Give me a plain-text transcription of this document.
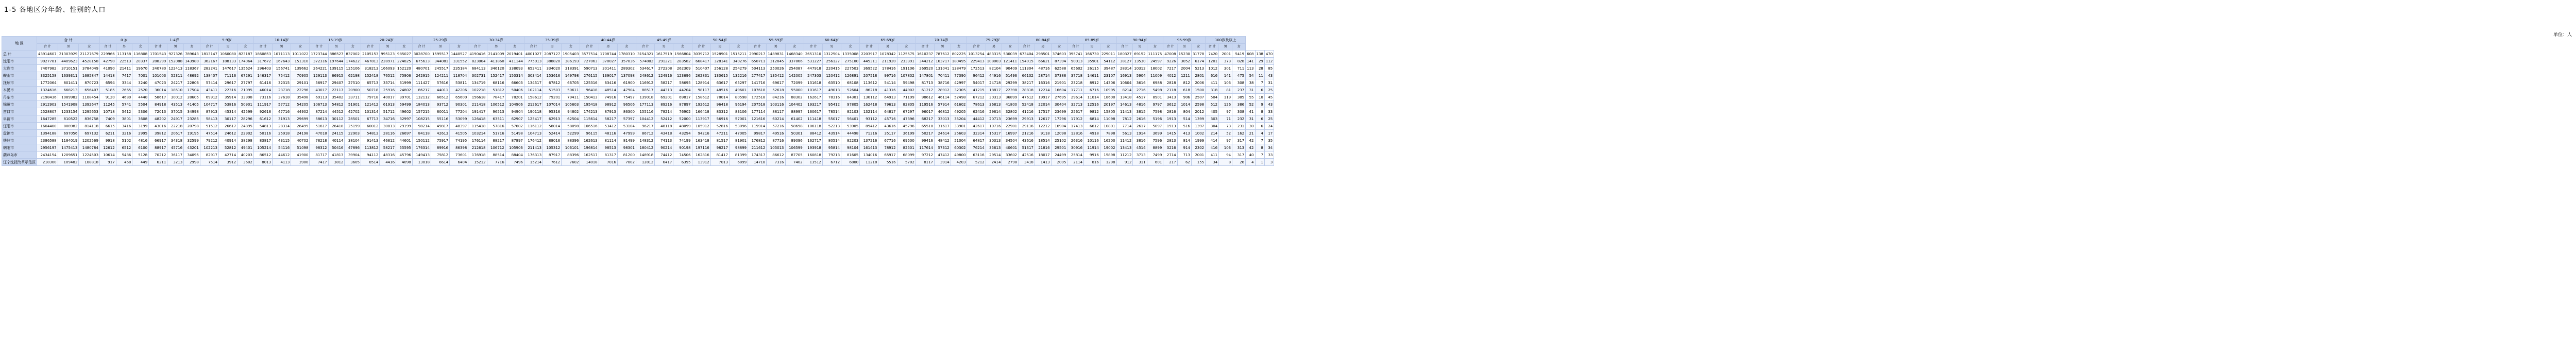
1-5 各地区分年龄、性别的人口
单位：人
地 区	合 计	0 岁	1-4岁	5-9岁	10-14岁	15-19岁	20-24岁	25-29岁	30-34岁	35-39岁	40-44岁	45-49岁	50-54岁	55-59岁	60-64岁	65-69岁	70-74岁	75-79岁	80-84岁	85-89岁	90-94岁	95-99岁	100岁及以上
合 计	男	女	合 计	男	女	合 计	男	女	合 计	男	女	合 计	男	女	合 计	男	女	合 计	男	女	合 计	男	女	合 计	男	女	合 计	男	女	合 计	男	女	合 计	男	女	合 计	男	女	合 计	男	女	合 计	男	女	合 计	男	女	合 计	男	女	合 计	男	女	合 计	男	女	合 计	男	女	合 计	男	女	合 计	男	女	合 计	男	女
总 计	43914607	21303929	21127679	229966	113158	116808	1701543	927326	789643	1813147	1060080	823187	1860853	1071113	1011022	1723744	886527	837002	2105153	995123	985027	3028700	1595517	1440527	4190416	2141009	2019401	4001027	2087127	1905403	3577514	1708744	1780310	3154321	1617519	1566804	3039712	1528901	1515211	2990217	1489831	1468340	2651310	1312504	1335008	2203917	1078342	1125575	1610237	787612	802225	1013254	483315	530039	673404	298501	374603	395741	166730	229011	180327	69152	111175	47008	15230	31778	7420	2001	5419	608	138	470
沈阳市	9027781	4409623	4528158	42790	22513	20337	288299	152088	143980	362167	188133	174064	317672	167643	151310	372316	197644	174622	467813	228971	224825	675633	344081	331552	823004	411860	411144	775013	388820	386193	727063	370027	357036	574802	291221	283582	668417	328141	340276	650711	312845	337866	531227	256127	275100	445311	211920	233391	344212	163717	180495	229413	108003	121411	154015	66621	87394	90013	35901	54112	38127	13530	24597	9226	3052	6174	1201	373	828	141	29	112
大连市	7407982	3710151	3784049	41090	21411	19670	240780	122413	118367	283241	147617	135624	296403	156741	139662	264221	139115	125106	318213	166093	152120	480701	245517	235184	684113	346120	338093	652411	334020	318391	590713	301411	289302	534617	272308	262309	510407	256128	254279	504113	250026	254087	447918	220415	227503	369522	178416	191106	269520	131041	138479	172513	82104	90409	111304	48716	62588	65602	26115	39487	28314	10312	18002	7217	2004	5213	1012	301	711	113	28	85
鞍山市	3325158	1639311	1685847	14418	7417	7001	101003	52311	48692	138407	71116	67291	146317	75412	70905	129113	66915	62198	152418	76512	75906	242915	124211	118704	302731	152417	150314	303414	153616	149798	276115	139017	137098	248612	124916	123696	262831	130615	132216	277417	135412	142005	247303	120412	126891	207518	99716	107802	147801	70411	77390	96412	44916	51496	66102	28714	37388	37718	14611	23107	16913	5904	11009	4012	1211	2801	616	141	475	54	11	43
抚顺市	1772064	801411	870723	6594	3344	3240	47023	24217	22806	57414	29617	27797	61416	32315	29101	56917	29407	27510	65713	33714	31999	111427	57616	53811	134719	68116	66603	134517	67812	66705	125316	63416	61900	116912	58217	58695	128914	63617	65297	141716	69617	72099	131618	63510	68108	113612	54114	59498	81713	38716	42997	54017	24718	29299	38217	16316	21901	23218	8912	14306	10604	3616	6988	2818	812	2006	411	103	308	38	7	31
本溪市	1324616	668213	656407	5185	2665	2520	36014	18510	17504	43411	22316	21095	46014	23718	22296	43017	22117	20900	50718	25916	24802	86217	44011	42206	102218	51812	50406	102114	51503	50611	96418	48514	47904	88517	44313	44204	98117	48516	49601	107618	52618	55000	101617	49013	52604	86218	41316	44902	61217	28912	32305	41215	18817	22398	28818	12214	16604	17711	6716	10995	8214	2716	5498	2118	618	1500	318	81	237	31	6	25
丹东市	2198436	1089982	1108454	9120	4680	4440	58617	30012	28605	69912	35914	33998	73116	37618	35498	69113	35402	33711	79718	40017	39701	132112	66512	65600	156618	78417	78201	158612	79201	79411	150413	74916	75497	139018	69201	69817	158612	78014	80598	172518	84216	88302	162617	78316	84301	136112	64913	71199	98612	46114	52498	67212	30313	36899	47612	19917	27695	29614	11014	18600	13418	4517	8901	3413	906	2507	504	119	385	55	10	45
锦州市	2912903	1541908	1392647	11245	5741	5504	84918	43513	41405	104717	53816	50901	111917	57712	54205	106713	54812	51901	121412	61913	59499	184013	93712	90301	211418	106512	104906	212617	107014	105603	195418	98912	96506	177113	89216	87897	192612	96418	96194	207518	103116	104402	193217	95412	97805	162418	79613	82805	119516	57914	61602	78613	36813	41800	52418	22014	30404	32713	12516	20197	14613	4816	9797	3612	1014	2598	512	126	386	52	9	43
营口市	2528807	1233154	1295653	10718	5412	5306	72013	37015	34998	87913	45314	42599	92618	47716	44902	87214	44512	42702	101314	51712	49602	157215	80011	77204	191417	96513	94904	190118	95316	94802	174213	87913	86300	155116	78214	76902	166418	83312	83106	177114	88117	88997	160617	78514	82103	132114	64817	67297	96017	46812	49205	62416	29614	32802	41216	17517	23699	25617	9812	15805	11413	3815	7598	2816	804	2012	405	97	308	41	8	33
阜新市	1647285	810522	836758	7409	3801	3608	48202	24917	23285	58413	30117	28296	61612	31913	29699	58613	30112	28501	67713	34716	32997	108215	55116	53099	126418	63511	62907	125417	62913	62504	115614	58217	57397	104412	52412	52000	113917	56916	57001	121616	60214	61402	111418	55017	56401	93112	45716	47396	68217	33013	35204	44412	20713	23699	29913	12617	17296	17912	6814	11098	7812	2616	5196	1913	514	1399	303	71	232	31	6	25
辽阳市	1604400	808982	814118	6615	3416	3199	43016	22218	20798	51512	26617	24895	54813	28314	26499	51617	26418	25199	60012	30813	29199	98214	49817	48397	115418	57816	57602	116112	58014	58098	106516	53412	53104	96217	48118	48099	105912	52816	53096	115914	57216	58698	106118	52213	53905	89412	43616	45796	65518	31617	33901	42617	19716	22901	29116	12212	16904	17413	6612	10801	7714	2617	5097	1913	516	1397	304	73	231	30	6	24
盘锦市	1394188	697056	697132	6211	3216	2995	39812	20617	19195	47514	24612	22902	50116	25918	24198	47018	24115	22903	54813	28116	26697	84118	42613	41505	103214	51716	51498	104713	52414	52299	96115	48116	47999	86712	43418	43294	94216	47211	47005	99817	49516	50301	88412	43914	44498	71316	35117	36199	50217	24614	25603	32314	15317	16997	21216	9118	12098	12816	4918	7898	5613	1914	3699	1415	413	1002	214	52	162	21	4	17
铁岭市	2386588	1184019	1202569	9918	5102	4816	66917	34318	32599	79212	40914	38298	83817	43115	40702	78218	40114	38104	91413	46812	44601	150112	75917	74195	176114	88217	87897	176412	88016	88396	162613	81114	81499	148312	74113	74199	163418	81517	81901	176812	87716	89096	162717	80514	82203	137216	67716	69500	99416	48412	51004	64817	30313	34504	43616	18514	25102	26316	10116	16200	11412	3816	7596	2813	814	1999	414	97	317	42	7	35
朝阳市	2956197	1475413	1480784	12612	6512	6100	88917	45716	43201	102213	52812	49401	105214	54116	51098	98312	50416	47896	113812	58217	55595	176314	89916	86398	212618	106712	105906	211413	105312	106101	196814	98513	98301	180412	90214	90198	197116	98217	98899	211612	105013	106599	193918	95814	98104	161413	78912	82501	117614	57312	60302	76214	35613	40601	51317	21816	29501	30916	11914	19002	13413	4514	8899	3216	914	2302	416	103	313	42	8	34
葫芦岛市	2434154	1209651	1224503	10614	5486	5128	70212	36117	34095	82917	42714	40203	86512	44612	41900	81717	41813	39904	94112	48316	45796	149413	75812	73601	176918	88514	88404	176313	87917	88396	162517	81317	81200	148918	74412	74506	162816	81417	81399	174317	86612	87705	160818	79213	81605	134016	65917	68099	97212	47412	49800	63116	29514	33602	42516	18017	24499	25814	9916	15898	11212	3713	7499	2714	713	2001	411	94	317	40	7	33
辽宁沈抚改革示范区	218300	109482	108818	917	468	449	6211	3213	2998	7514	3912	3602	8013	4113	3900	7417	3812	3605	8514	4416	4098	13018	6614	6404	15212	7716	7496	15214	7612	7602	14018	7016	7002	12812	6417	6395	13912	7013	6899	14718	7316	7402	13512	6712	6800	11218	5516	5702	8117	3914	4203	5212	2414	2798	3418	1413	2005	2114	816	1298	912	311	601	217	62	155	34	8	26	4	1	3
